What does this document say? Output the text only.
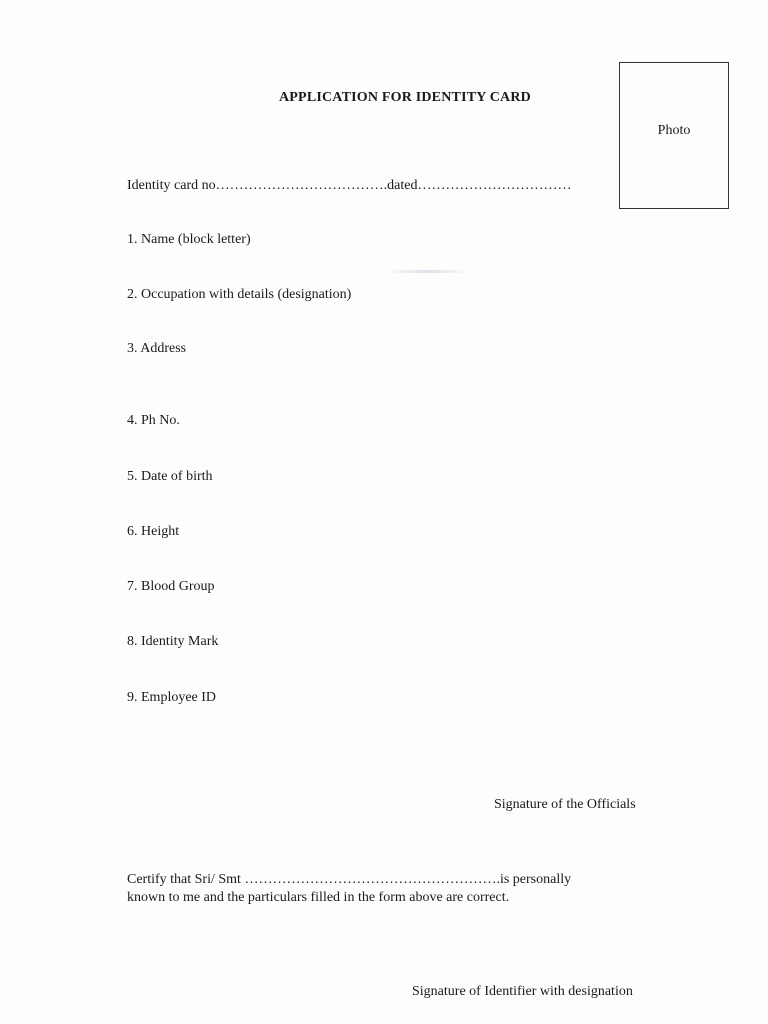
APPLICATION FOR IDENTITY CARD
Photo
Identity card no……………………………….dated……………………………
1. Name (block letter)
2. Occupation with details (designation)
3. Address
4. Ph No.
5. Date of birth
6. Height
7. Blood Group
8. Identity Mark
9. Employee ID
Signature of the Officials
Certify that Sri/ Smt ……………………………………………….is personally
known to me and the particulars filled in the form above are correct.
Signature of Identifier with designation
